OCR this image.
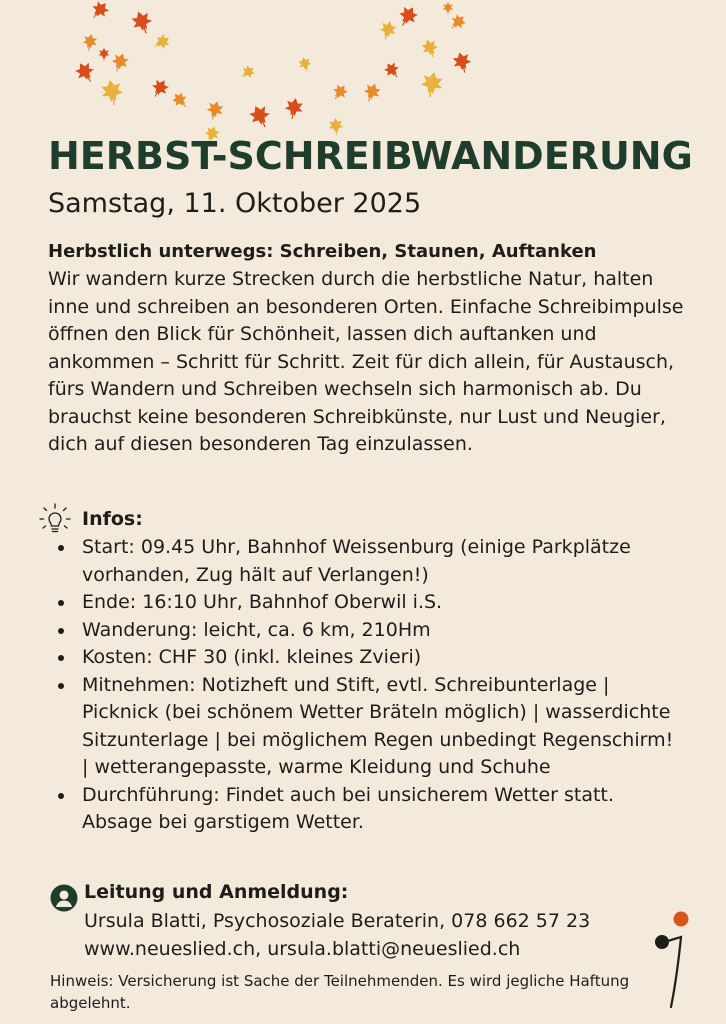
HERBST-SCHREIBWANDERUNG
Samstag, 11. Oktober 2025
Herbstlich unterwegs: Schreiben, Staunen, Auftanken

Wir wandern kurze Strecken durch die herbstliche Natur, halten inne und schreiben an besonderen Orten. Einfache Schreibimpulse öffnen den Blick für Schönheit, lassen dich auftanken und ankommen – Schritt für Schritt. Zeit für dich allein, für Austausch, fürs Wandern und Schreiben wechseln sich harmonisch ab. Du brauchst keine besonderen Schreibkünste, nur Lust und Neugier, dich auf diesen besonderen Tag einzulassen.

Infos:
Start: 09.45 Uhr, Bahnhof Weissenburg (einige Parkplätze vorhanden, Zug hält auf Verlangen!)
Ende: 16:10 Uhr, Bahnhof Oberwil i.S.
Wanderung: leicht, ca. 6 km, 210Hm
Kosten: CHF 30 (inkl. kleines Zvieri)
Mitnehmen: Notizheft und Stift, evtl. Schreibunterlage | Picknick (bei schönem Wetter Bräteln möglich) | wasserdichte Sitzunterlage | bei möglichem Regen unbedingt Regenschirm! | wetterangepasste, warme Kleidung und Schuhe
Durchführung: Findet auch bei unsicherem Wetter statt. Absage bei garstigem Wetter.
Leitung und Anmeldung:
Ursula Blatti, Psychosoziale Beraterin, 078 662 57 23
www.neueslied.ch, ursula.blatti@neueslied.ch

Hinweis: Versicherung ist Sache der Teilnehmenden. Es wird jegliche Haftung abgelehnt.
